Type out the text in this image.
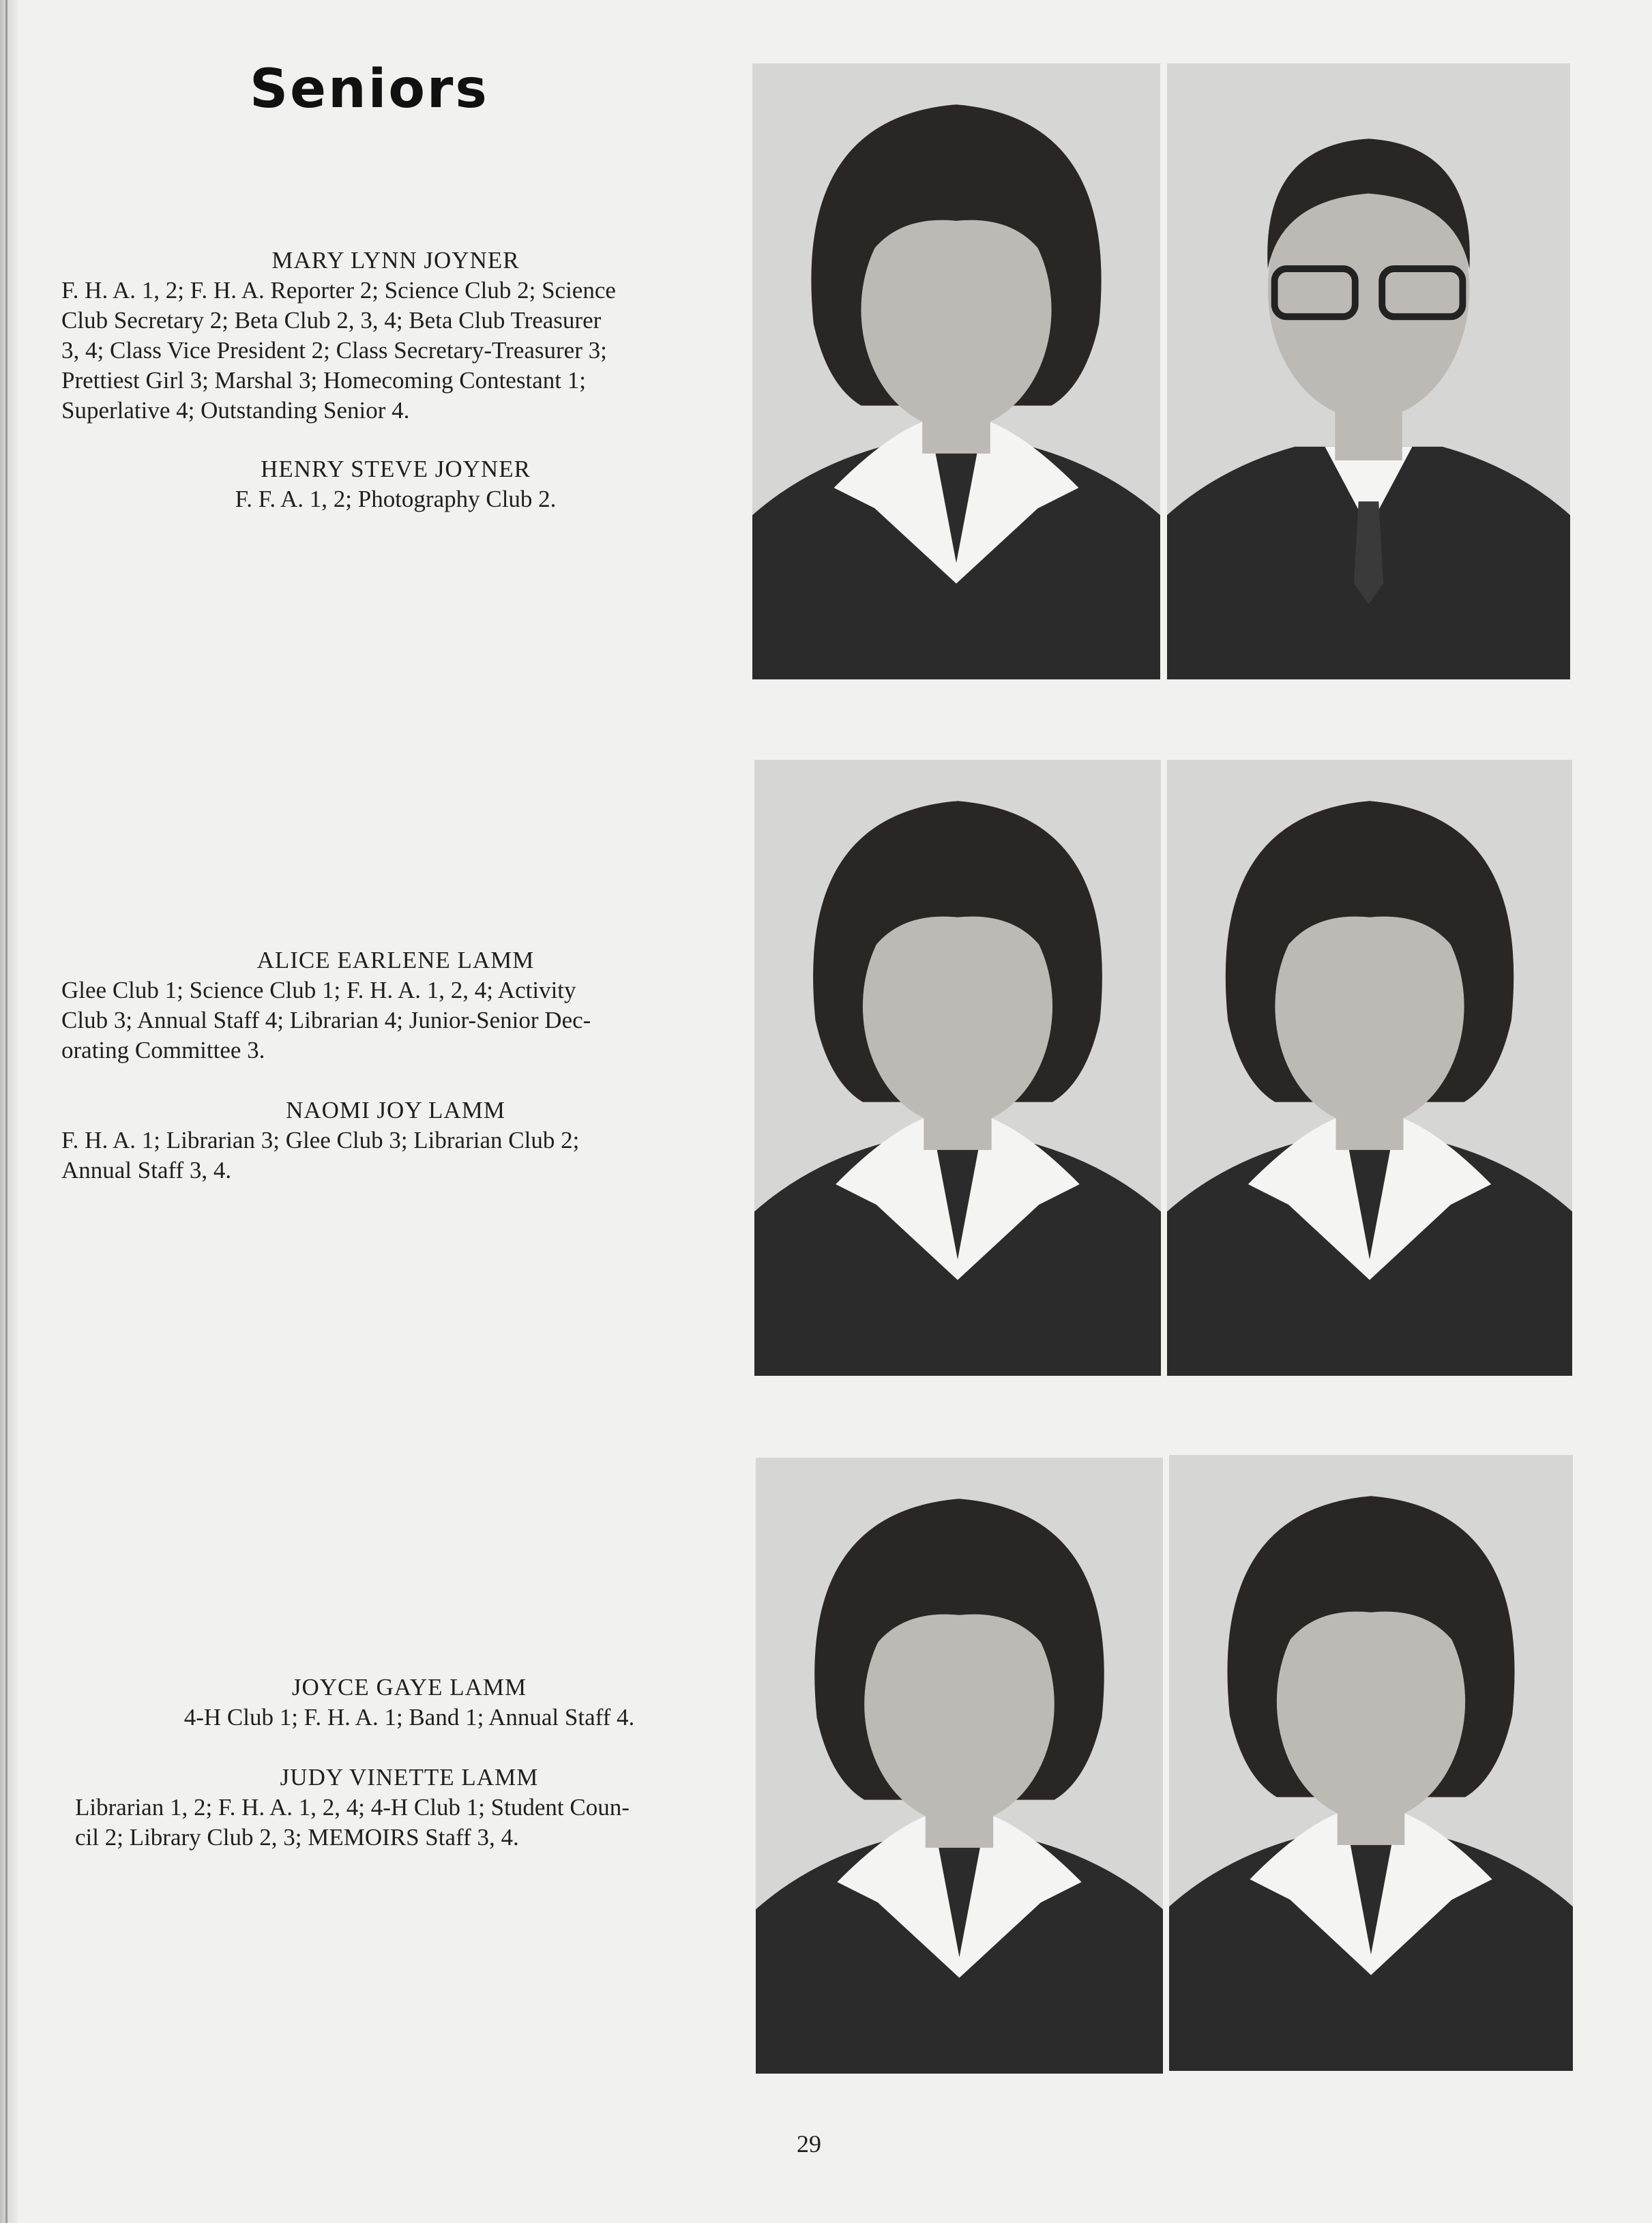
Seniors
MARY LYNN JOYNER
F. H. A. 1, 2; F. H. A. Reporter 2; Science Club 2; Science
Club Secretary 2; Beta Club 2, 3, 4; Beta Club Treasurer
3, 4; Class Vice President 2; Class Secretary-Treasurer 3;
Prettiest Girl 3; Marshal 3; Homecoming Contestant 1;
Superlative 4; Outstanding Senior 4.
HENRY STEVE JOYNER
F. F. A. 1, 2; Photography Club 2.
ALICE EARLENE LAMM
Glee Club 1; Science Club 1; F. H. A. 1, 2, 4; Activity
Club 3; Annual Staff 4; Librarian 4; Junior-Senior Dec-
orating Committee 3.
NAOMI JOY LAMM
F. H. A. 1; Librarian 3; Glee Club 3; Librarian Club 2;
Annual Staff 3, 4.
JOYCE GAYE LAMM
4-H Club 1; F. H. A. 1; Band 1; Annual Staff 4.
JUDY VINETTE LAMM
Librarian 1, 2; F. H. A. 1, 2, 4; 4-H Club 1; Student Coun-
cil 2; Library Club 2, 3; MEMOIRS Staff 3, 4.
29
